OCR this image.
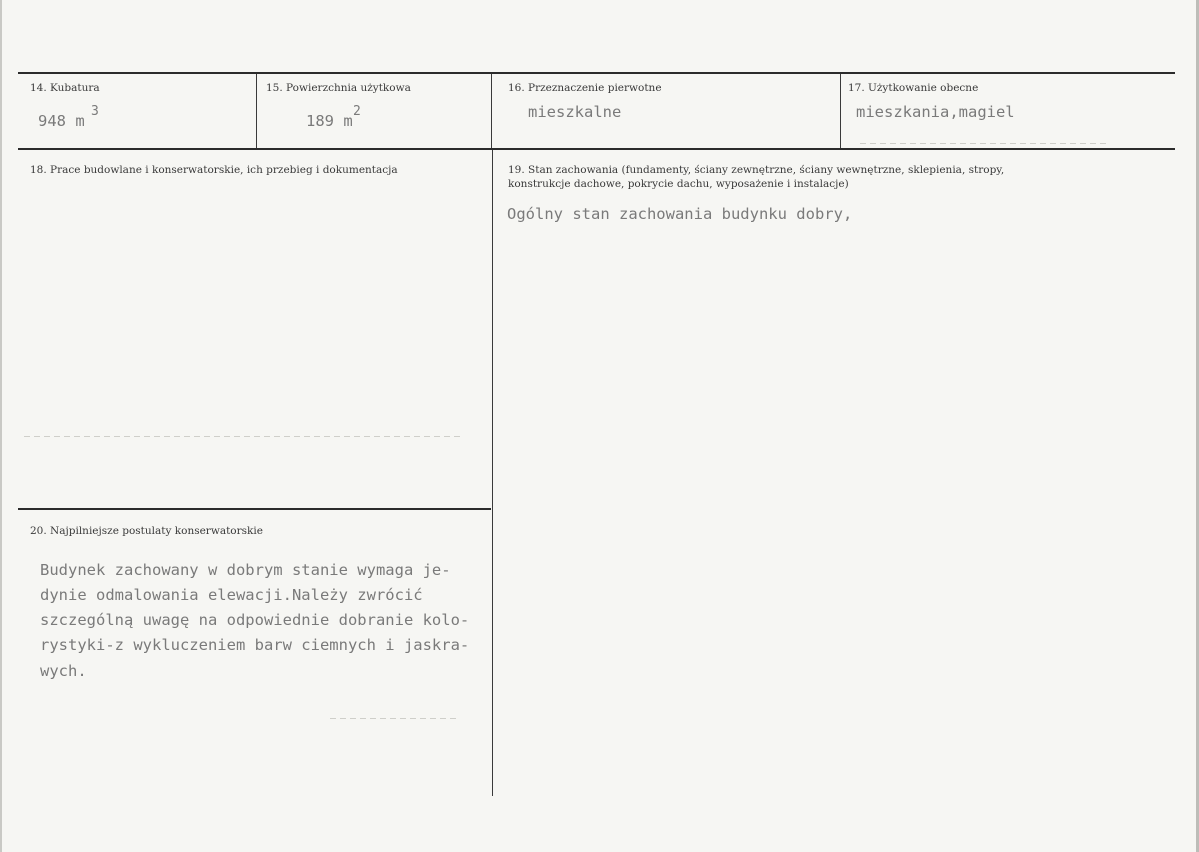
14. Kubatura
948 m
3
15. Powierzchnia użytkowa
189 m
2
16. Przeznaczenie pierwotne
mieszkalne
17. Użytkowanie obecne
mieszkania,magiel
18. Prace budowlane i konserwatorskie, ich przebieg i dokumentacja	19. Stan zachowania (fundamenty, ściany zewnętrzne, ściany wewnętrzne, sklepienia, stropy,
konstrukcje dachowe, pokrycie dachu, wyposażenie i instalacje)
Ogólny stan zachowania budynku dobry,
20. Najpilniejsze postulaty konserwatorskie
Budynek zachowany w dobrym stanie wymaga je-
dynie odmalowania elewacji.Należy zwrócić
szczególną uwagę na odpowiednie dobranie kolo-
rystyki-z wykluczeniem barw ciemnych i jaskra-
wych.
